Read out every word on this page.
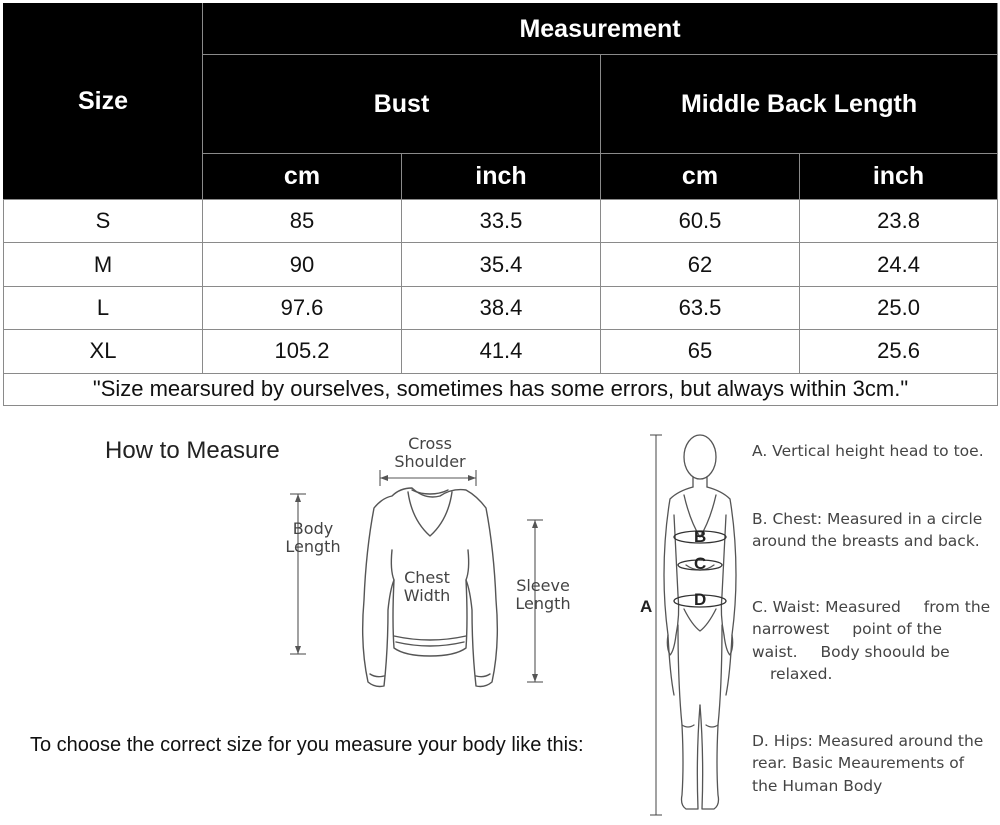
Size	Measurement			
	Bust		Middle Back Length	
	cm	inch	cm	inch
S	85	33.5	60.5	23.8
M	90	35.4	62	24.4
L	97.6	38.4	63.5	25.0
XL	105.2	41.4	65	25.6
"Size mearsured by ourselves, sometimes has some errors, but always within 3cm."				
How to Measure
To choose the correct size for you measure your body like this:
Cross
Shoulder
Body
Length
Chest
Width
Sleeve
Length
B
C
D
A
A. Vertical height head to toe.
B. Chest: Measured in a circle around the breasts and back.
C. Waist: Measured from the narrowest point of the waist. Body shoould be relaxed.
D. Hips: Measured around the rear. Basic Meaurements of the Human Body
